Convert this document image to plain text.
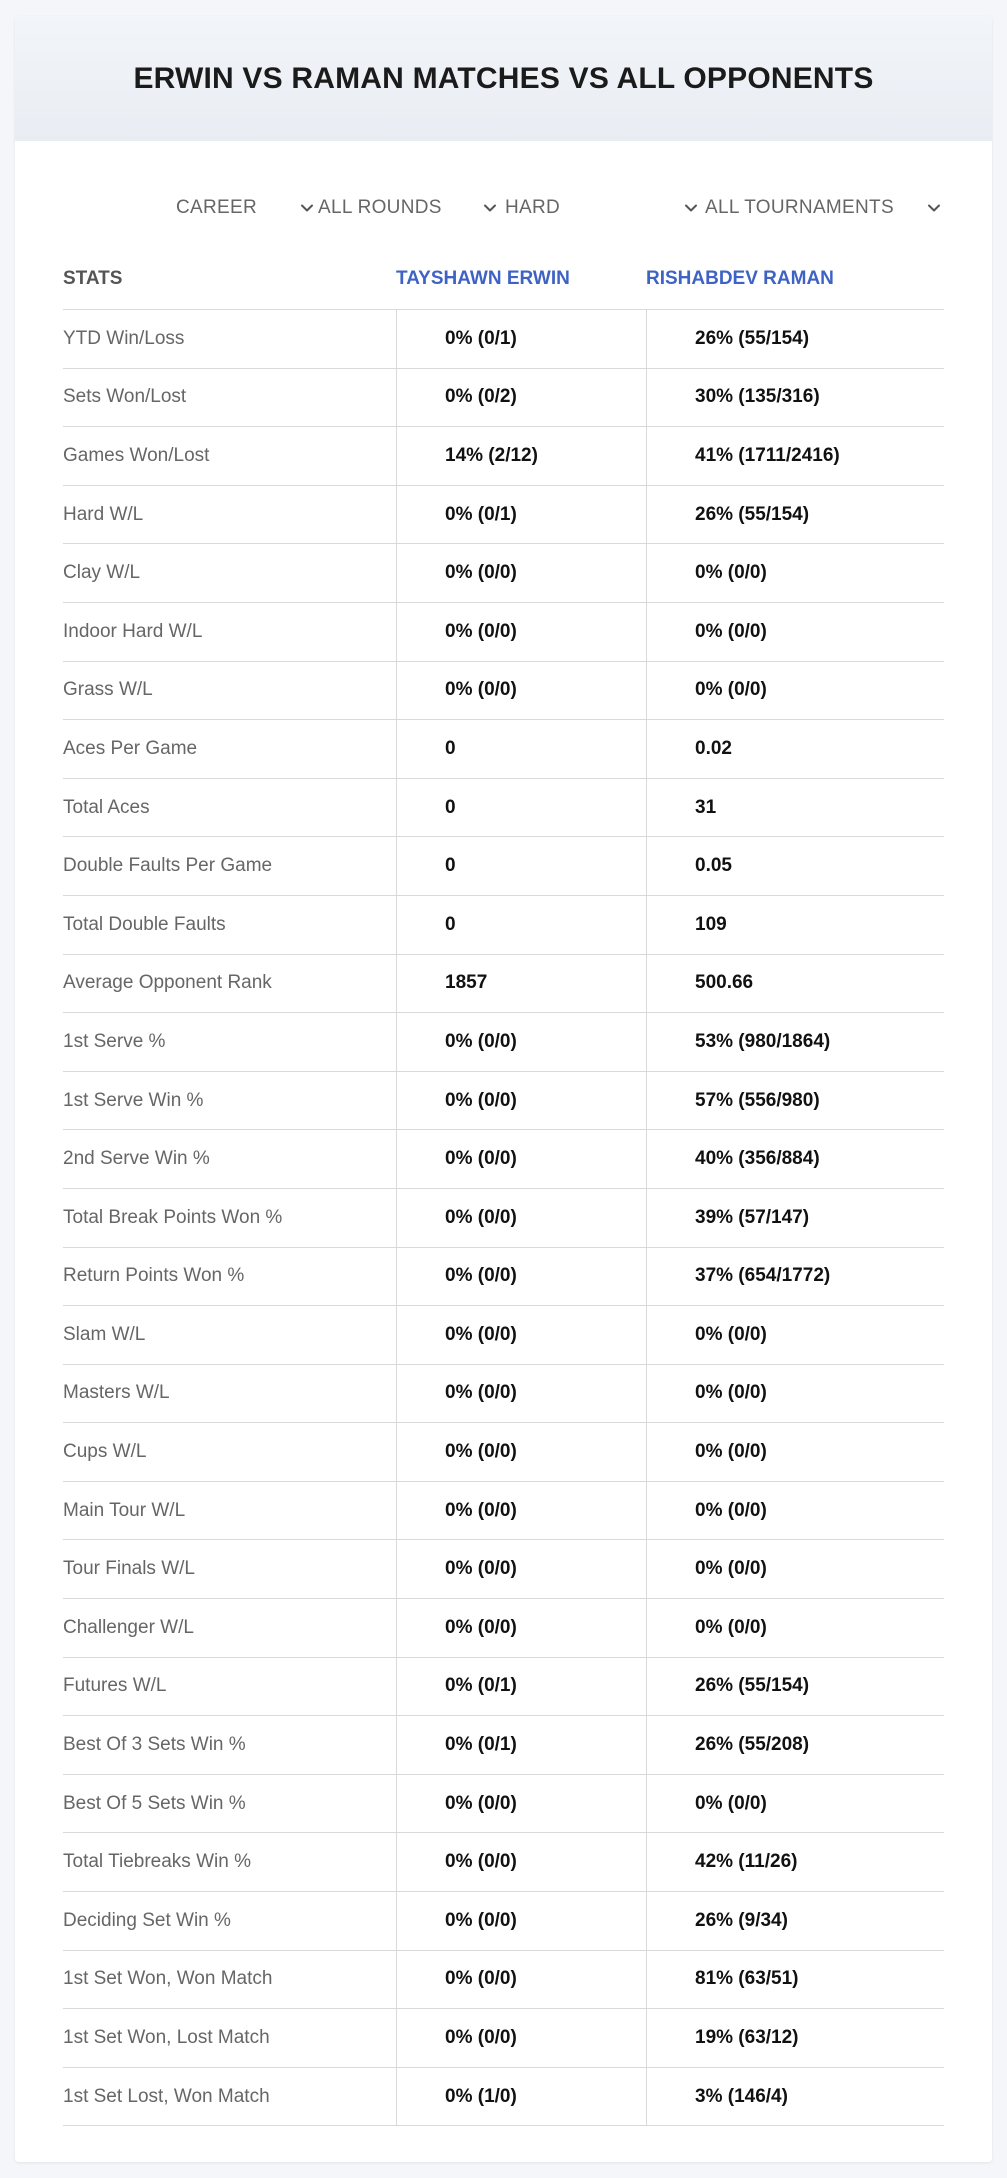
ERWIN VS RAMAN MATCHES VS ALL OPPONENTS
CAREER	ALL ROUNDS	HARD	ALL TOURNAMENTS
STATS	TAYSHAWN ERWIN	RISHABDEV RAMAN
YTD Win/Loss	0% (0/1)	26% (55/154)
Sets Won/Lost	0% (0/2)	30% (135/316)
Games Won/Lost	14% (2/12)	41% (1711/2416)
Hard W/L	0% (0/1)	26% (55/154)
Clay W/L	0% (0/0)	0% (0/0)
Indoor Hard W/L	0% (0/0)	0% (0/0)
Grass W/L	0% (0/0)	0% (0/0)
Aces Per Game	0	0.02
Total Aces	0	31
Double Faults Per Game	0	0.05
Total Double Faults	0	109
Average Opponent Rank	1857	500.66
1st Serve %	0% (0/0)	53% (980/1864)
1st Serve Win %	0% (0/0)	57% (556/980)
2nd Serve Win %	0% (0/0)	40% (356/884)
Total Break Points Won %	0% (0/0)	39% (57/147)
Return Points Won %	0% (0/0)	37% (654/1772)
Slam W/L	0% (0/0)	0% (0/0)
Masters W/L	0% (0/0)	0% (0/0)
Cups W/L	0% (0/0)	0% (0/0)
Main Tour W/L	0% (0/0)	0% (0/0)
Tour Finals W/L	0% (0/0)	0% (0/0)
Challenger W/L	0% (0/0)	0% (0/0)
Futures W/L	0% (0/1)	26% (55/154)
Best Of 3 Sets Win %	0% (0/1)	26% (55/208)
Best Of 5 Sets Win %	0% (0/0)	0% (0/0)
Total Tiebreaks Win %	0% (0/0)	42% (11/26)
Deciding Set Win %	0% (0/0)	26% (9/34)
1st Set Won, Won Match	0% (0/0)	81% (63/51)
1st Set Won, Lost Match	0% (0/0)	19% (63/12)
1st Set Lost, Won Match	0% (1/0)	3% (146/4)
